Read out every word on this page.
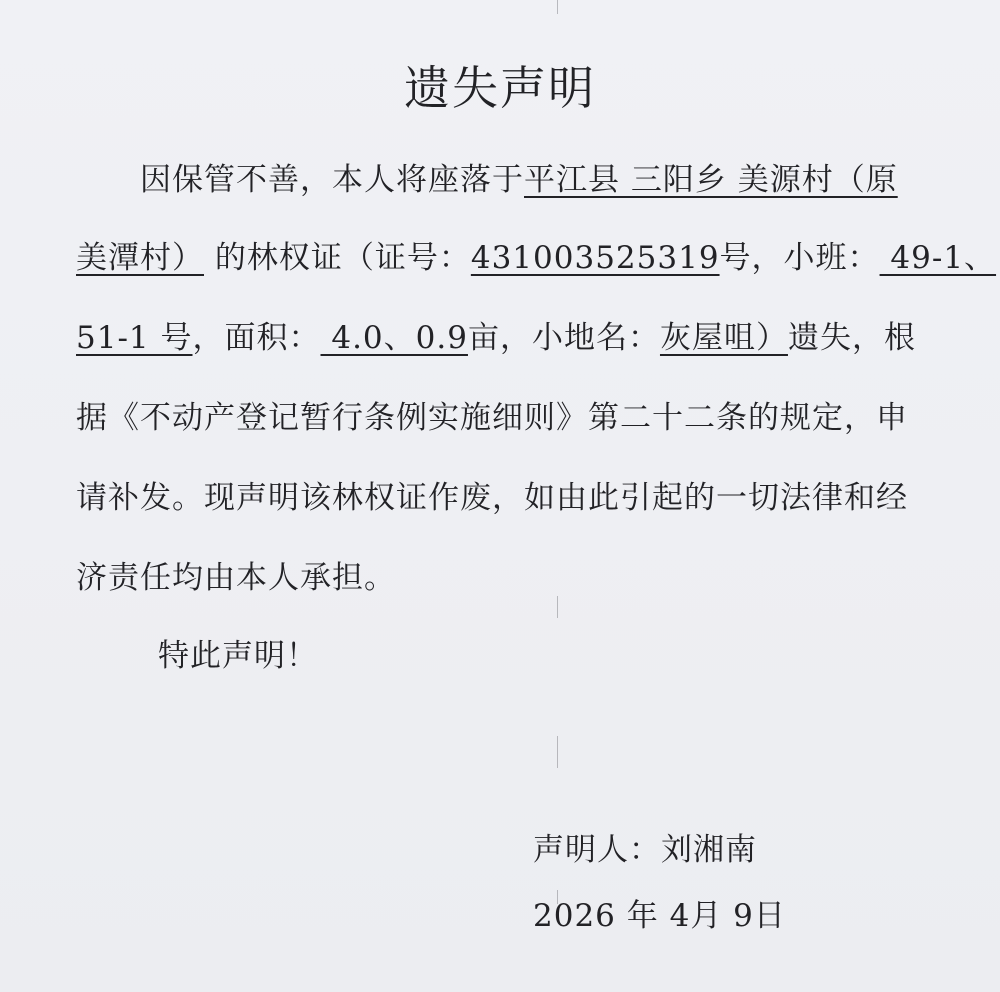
遗失声明
因保管不善，本人将座落于平江县 三阳乡 美源村（原
美潭村） 的林权证（证号：431003525319号，小班： 49-1、
51-1 号，面积： 4.0、0.9亩，小地名：灰屋咀）遗失，根
据《不动产登记暂行条例实施细则》第二十二条的规定，申
请补发。现声明该林权证作废，如由此引起的一切法律和经
济责任均由本人承担。
特此声明！
声明人：刘湘南
2026 年 4月 9日
